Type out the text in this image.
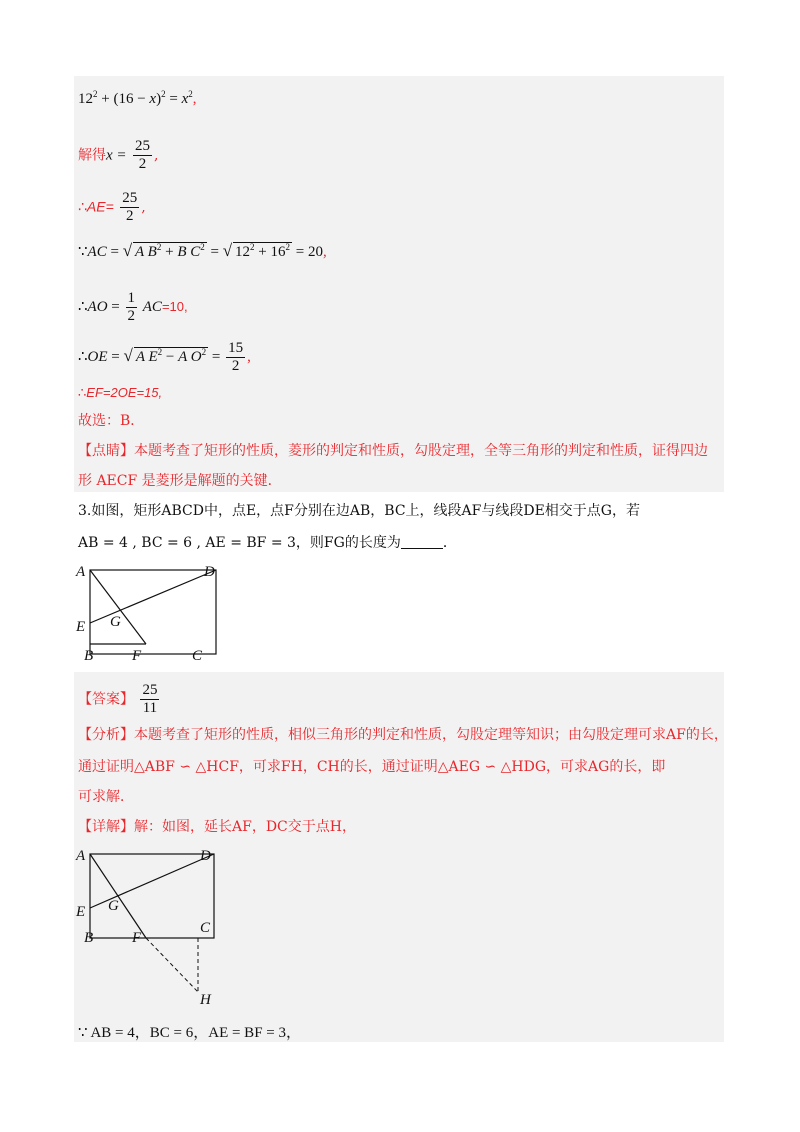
$12^2 + (16 - x)^2 = x^2$,
解得$x = \frac{25}{2}$ ,
∴AE= $\frac{25}{2}$ ,
∵AC = √ A $B^2 + B$ $C^2$ = √ $12^2 + 16^2 = 20$,
∴AO = $\frac{1}{2} AC=10$,
∴OE = √ A $E^2 - A$ $O^2 = \frac{15}{2}$ ,
∴EF=2OE=15,
故选：B．
【点睛】本题考查了矩形的性质，菱形的判定和性质，勾股定理，全等三角形的判定和性质，证得四边
形 AECF 是菱形是解题的关键．
3.如图，矩形ABCD中，点E，点F分别在边AB，BC上，线段AF与线段DE相交于点G，若
AB = 4 , BC = 6 , AE = BF = 3，则FG的长度为	．
A	D
E G
B	F	C
【答案】 $\frac{25}{11}$
【分析】本题考查了矩形的性质，相似三角形的判定和性质，勾股定理等知识；由勾股定理可求AF的长，
通过证明△ABF ∽ △HCF，可求FH，CH的长，通过证明△AEG ∽ △HDG，可求AG的长，即
可求解．
【详解】解：如图，延长AF，DC交于点H，
A	D
E G
B	F
C
H
∵ AB = 4，BC = 6，AE = BF = 3，
